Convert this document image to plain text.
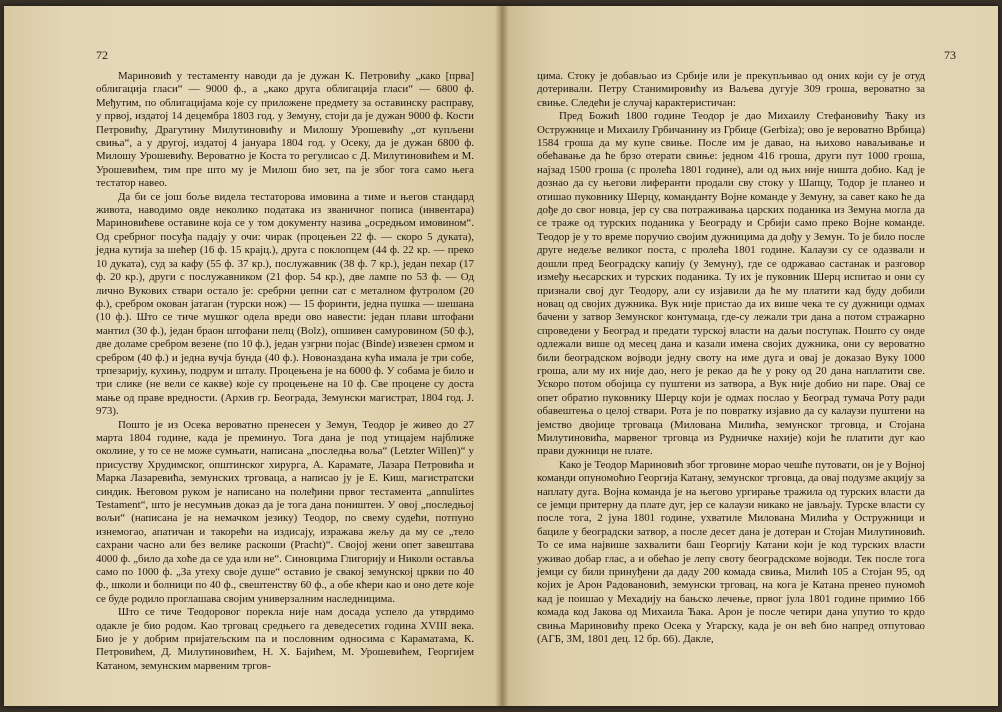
72

Мариновић у тестаменту наводи да је дужан К. Петровићу „како [прва] облигација гласи“ — 9000 ф., а „како друга облигација гласи“ — 6800 ф. Међутим, по облигацијама које су приложене предмету за оставинску расправу, у првој, издатој 14 децембра 1803 год. у Земуну, стоји да је дужан 9000 ф. Кости Петровићу, Драгутину Милутиновићу и Милошу Урошевићу „от купљени свиња“, а у другој, издатој 4 јануара 1804 год. у Осеку, да је дужан 6800 ф. Милошу Урошевићу. Вероватно је Коста то регулисао с Д. Милутиновићем и М. Урошевићем, тим пре што му је Милош био зет, па је због тога само њега тестатор навео.

Да би се још боље видела тестаторова имовина а тиме и његов стандард живота, наводимо овде неколико података из званичног пописа (инвентара) Мариновићеве оставине која се у том документу назива „осредњом имовином“. Од сребрног посуђа падају у очи: чирак (процењен 22 ф. — скоро 5 дуката), једна кутија за шећер (16 ф. 15 крајц.), друга с поклопцем (44 ф. 22 кр. — преко 10 дуката), суд за кафу (55 ф. 37 кр.), послужавник (38 ф. 7 кр.), један пехар (17 ф. 20 кр.), други с послужавником (21 фор. 54 кр.), две лампе по 53 ф. — Од лично Вукових ствари остало је: сребрни џепни сат с металном футролом (20 ф.), сребром окован јатаган (турски нож) — 15 форинти, једна пушка — шешана (10 ф.). Што се тиче мушког одела вреди ово навести: један плави штофани мантил (30 ф.), један браон штофани пелц (Bolz), опшивен самуровином (50 ф.), две доламе сребром везене (по 10 ф.), један узгрни појас (Binde) извезен срмом и сребром (40 ф.) и једна вучја бунда (40 ф.). Новоназдана кућа имала је три собе, трпезарију, кухињу, подрум и шталу. Процењена је на 6000 ф. У собама је било и три слике (не вели се какве) које су процењене на 10 ф. Све процене су доста мање од праве вредности. (Архив гр. Београда, Земунски магистрат, 1804 год. J. 973).

Пошто је из Осека вероватно пренесен у Земун, Теодор је живео до 27 марта 1804 године, када је преминуо. Тога дана је под утицајем најближе околине, у то се не може сумњати, написана „последња воља“ (Letzter Willen)“ у присуству Хрудимског, општинског хирурга, А. Карамате, Лазара Петровића и Марка Лазаревића, земунских трговаца, а написао ју је Е. Киш, магистратски синдик. Његовом руком је написано на полеђини првог тестамента „annulirtes Testament“, што је несумњив доказ да је тога дана поништен. У овој „последњој вољи“ (написана је на немачком језику) Теодор, по свему судећи, потпуно изнемогао, апатичан и такорећи на издисају, изражава жељу да му се „тело сахрани часно али без велике раскоши (Pracht)“. Својој жени опет завештава 4000 ф. „било да хоће да се уда или не“. Синовцима Глигорију и Николи оставља само по 1000 ф. „За утеху своје душе“ оставио је свакој земунској цркви по 40 ф., школи и болници по 40 ф., свештенству 60 ф., а обе кћери као и оно дете које се буде родило проглашава својим универзалним наследницима.

Што се тиче Теодоровог порекла није нам досада успело да утврдимо одакле је био родом. Као трговац средњего га деведесетих година XVIII века. Био је у добрим пријатељским па и пословним односима с Караматама, К. Петровићем, Д. Милутиновићем, Н. Х. Бајићем, М. Урошевићем, Георгијем Катаном, земунским марвеним тргов-

73

цима. Стоку је добављао из Србије или је прекупљивао од оних који су је отуд дотеривали. Петру Станимировићу из Ваљева дугује 309 гроша, вероватно за свиње. Следећи је случај карактеристичан:

Пред Божић 1800 године Теодор је дао Михаилу Стефановићу Ћаку из Остружнице и Михаилу Грбичанину из Грбице (Gerbiza); ово је вероватно Врбица) 1584 гроша да му купе свиње. После им је давао, на њихово навaљивање и обећавање да ће брзо отерати свиње: једном 416 гроша, други пут 1000 гроша, најзад 1500 гроша (с пролећа 1801 године), али од њих није ништа добио. Кад је дознао да су његови лиферанти продали сву стоку у Шапцу, Тодор је планео и отишао пуковнику Шерцу, команданту Војне команде у Земуну, за савет како ће да дође до свог новца, јер су сва потраживања царских поданика из Земуна могла да се траже од турских поданика у Београду и Србији само преко Војне команде. Теодор је у то време поручио својим дужницима да дођу у Земун. То је било после друге недеље великог поста, с пролећа 1801 године. Калаузи су се одазвали и дошли пред Београдску капију (у Земуну), где се одржавао састанак и разговор између њесарских и турских поданика. Ту их је пуковник Шерц испитао и они су признали свој дуг Теодору, али су изјавили да ће му платити кад буду добили новац од својих дужника. Вук није пристао да их више чека те су дужници одмах бачени у затвор Земунског контумаца, где-су лежали три дана а потом стражарно спроведени у Београд и предати турској власти на даљи поступак. Пошто су онде одлежали више од месец дана и казали имена својих дужника, они су вероватно били београдском војводи једну своту на име дуга и овај је доказао Вуку 1000 гроша, али му их није дао, него је рекао да ће у року од 20 дана наплатити све. Ускоро потом обојица су пуштени из затвора, а Вук није добио ни паре. Овај се опет обратио пуковнику Шерцу који је одмах послао у Београд тумача Роту ради обавештења о целој ствари. Рота је по повратку изјавио да су калаузи пуштени на јемство двојице трговаца (Милована Милића, земунског трговца, и Стојана Милутиновића, марвеног трговца из Рудничке нахије) који ће платити дуг као прави дужници не плате.

Како је Теодор Мариновић због трговине морао чешће путовати, он је у Војној команди опуномоћио Георгија Катану, земунског трговца, да овај подузме акцију за наплату дуга. Војна команда је на његово ургирање тражила од турских власти да се јемци притерну да плате дуг, јер се калаузи никако не јављају. Турске власти су после тога, 2 јуна 1801 године, ухватиле Милована Милића у Остружници и бациле у београдски затвор, а после десет дана је дотеран и Стојан Милутиновић. То се има највише захвалити баш Георгију Катани који је код турских власти уживао добар глас, а и обећао је лепу своту београдскоме војводи. Тек после тога јемци су били принуђени да даду 200 комада свиња, Милић 105 а Стојан 95, од којих је Арон Радовановић, земунски трговац, на кога је Катана пренео пуномоћ кад је поишао у Мехадију на бањско лечење, првог јула 1801 године примио 166 комада код Јакова од Михаила Ћака. Арон је после четири дана упутио то крдо свиња Мариновићу преко Осека у Угарску, када је он већ био напред отпутовао (АГБ, ЗМ, 1801 дец. 12 бр. 66). Дакле,
